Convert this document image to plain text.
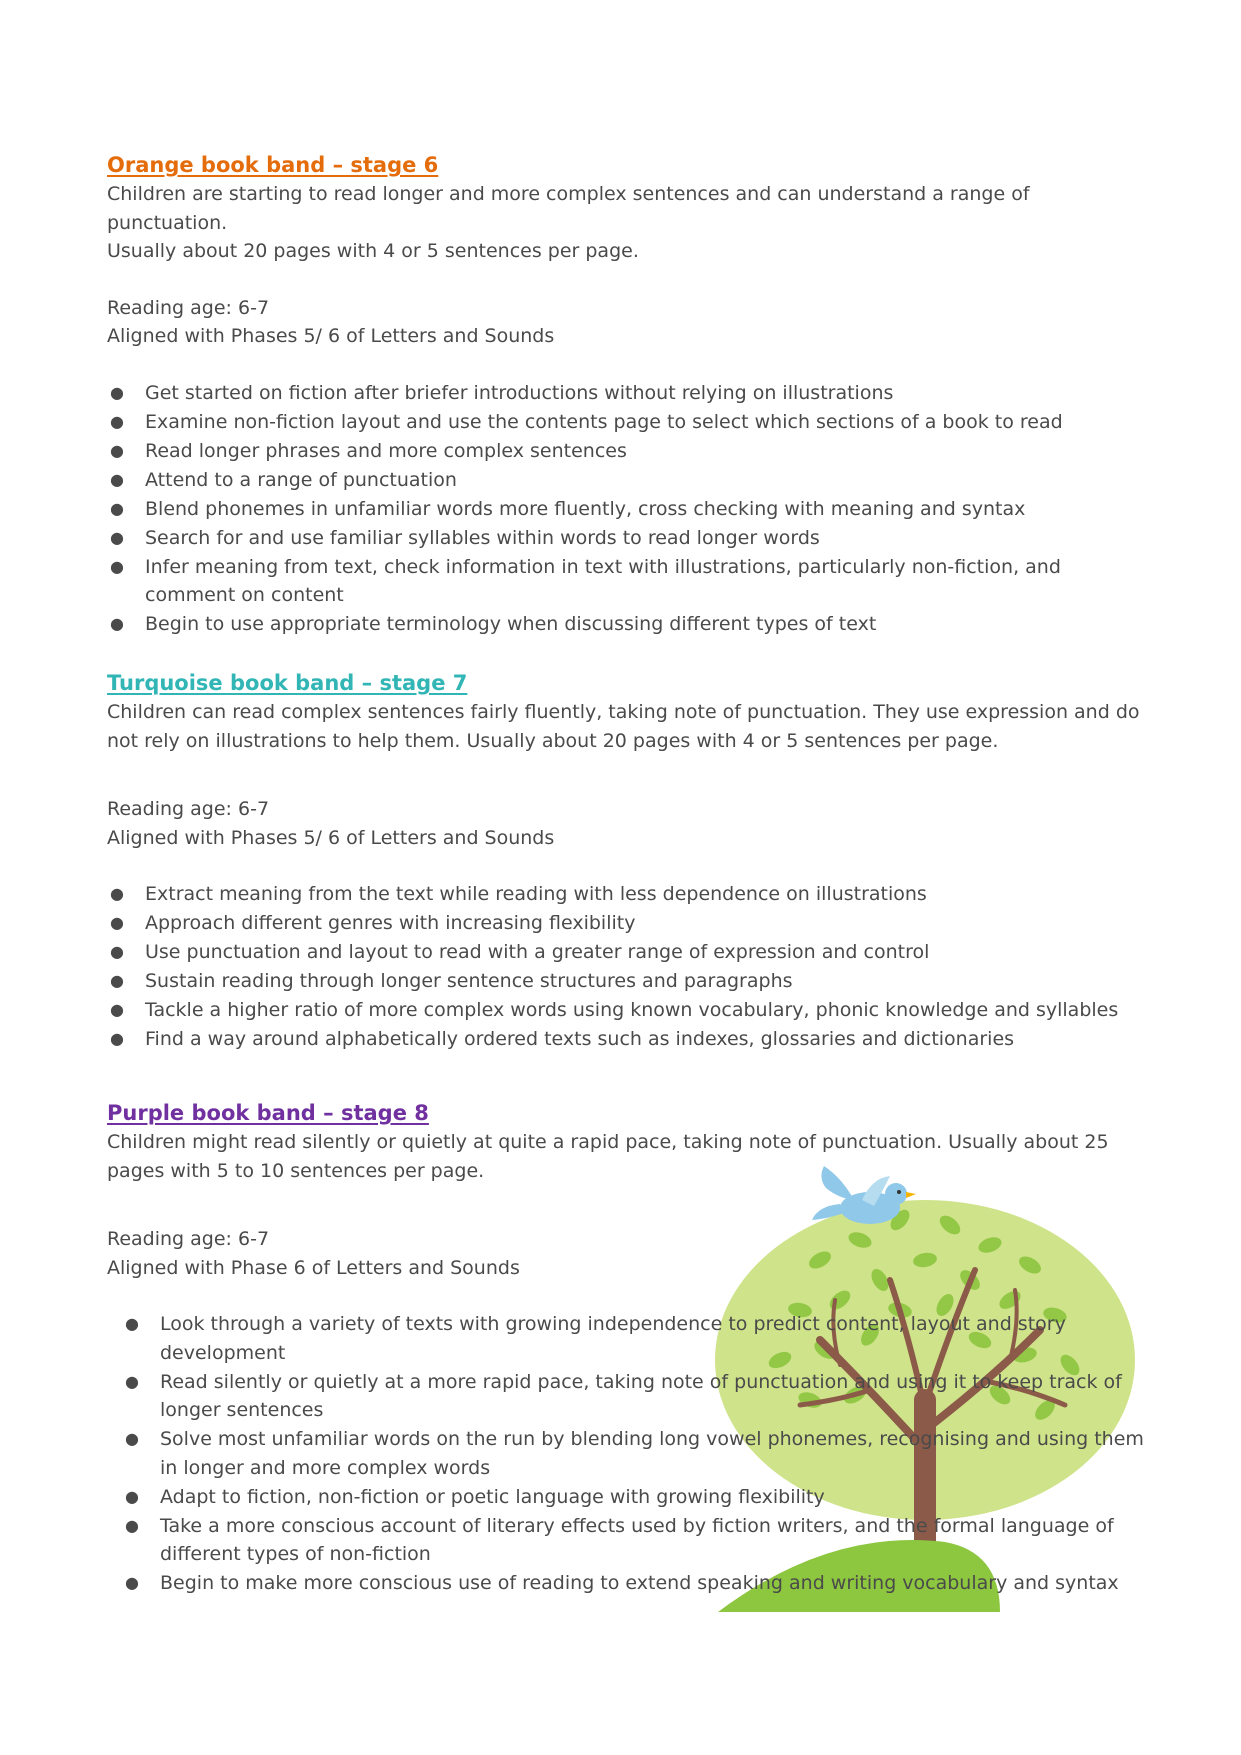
Orange book band – stage 6

Children are starting to read longer and more complex sentences and can understand a range of punctuation.

Usually about 20 pages with 4 or 5 sentences per page.

Reading age: 6-7

Aligned with Phases 5/ 6 of Letters and Sounds

● Get started on fiction after briefer introductions without relying on illustrations
● Examine non-fiction layout and use the contents page to select which sections of a book to read
● Read longer phrases and more complex sentences
● Attend to a range of punctuation
● Blend phonemes in unfamiliar words more fluently, cross checking with meaning and syntax
● Search for and use familiar syllables within words to read longer words
● Infer meaning from text, check information in text with illustrations, particularly non-fiction, and
comment on content
● Begin to use appropriate terminology when discussing different types of text
Turquoise book band – stage 7

Children can read complex sentences fairly fluently, taking note of punctuation. They use expression and do

not rely on illustrations to help them. Usually about 20 pages with 4 or 5 sentences per page.

Reading age: 6-7

Aligned with Phases 5/ 6 of Letters and Sounds

● Extract meaning from the text while reading with less dependence on illustrations
● Approach different genres with increasing flexibility
● Use punctuation and layout to read with a greater range of expression and control
● Sustain reading through longer sentence structures and paragraphs
● Tackle a higher ratio of more complex words using known vocabulary, phonic knowledge and syllables
● Find a way around alphabetically ordered texts such as indexes, glossaries and dictionaries
Purple book band – stage 8

Children might read silently or quietly at quite a rapid pace, taking note of punctuation. Usually about 25

pages with 5 to 10 sentences per page.

Reading age: 6-7

Aligned with Phase 6 of Letters and Sounds

● Look through a variety of texts with growing independence to predict content, layout and story
development
● Read silently or quietly at a more rapid pace, taking note of punctuation and using it to keep track of
longer sentences
● Solve most unfamiliar words on the run by blending long vowel phonemes, recognising and using them
in longer and more complex words
● Adapt to fiction, non-fiction or poetic language with growing flexibility
● Take a more conscious account of literary effects used by fiction writers, and the formal language of
different types of non-fiction
● Begin to make more conscious use of reading to extend speaking and writing vocabulary and syntax
